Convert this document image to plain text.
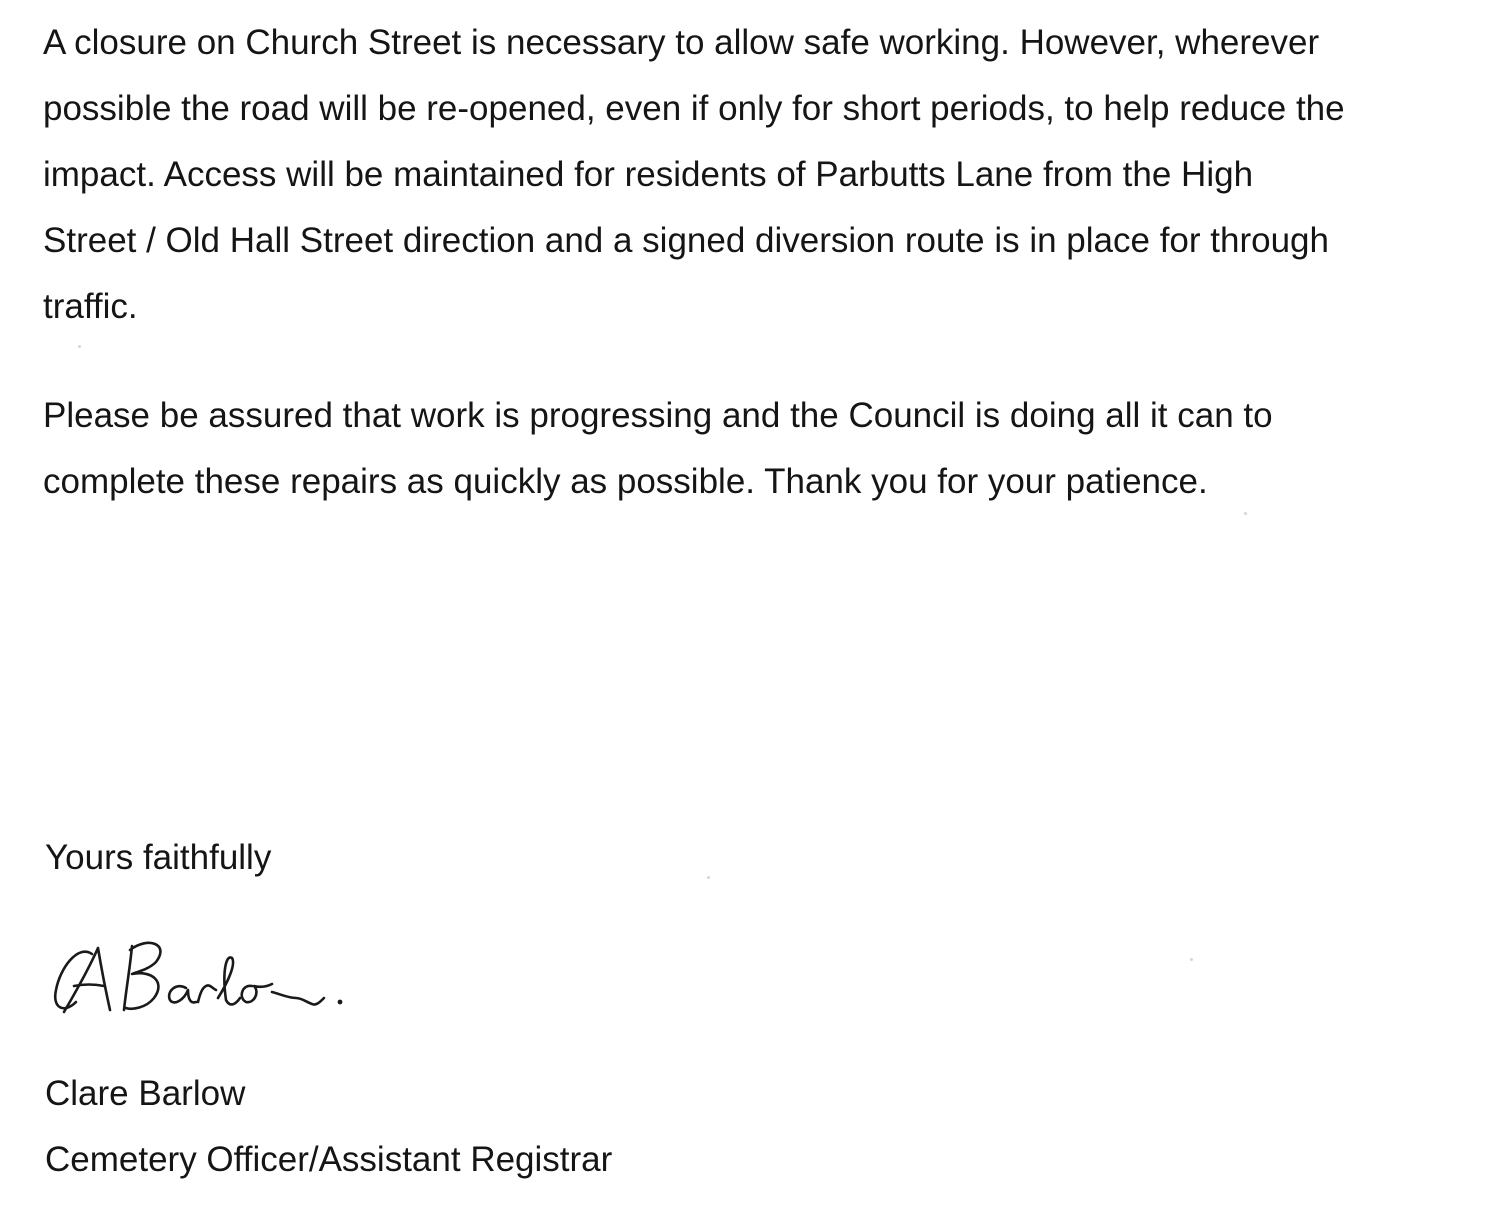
A closure on Church Street is necessary to allow safe working. However, wherever
possible the road will be re-opened, even if only for short periods, to help reduce the
impact. Access will be maintained for residents of Parbutts Lane from the High
Street / Old Hall Street direction and a signed diversion route is in place for through
traffic.

Please be assured that work is progressing and the Council is doing all it can to
complete these repairs as quickly as possible. Thank you for your patience.

Yours faithfully
Clare Barlow
Cemetery Officer/Assistant Registrar
